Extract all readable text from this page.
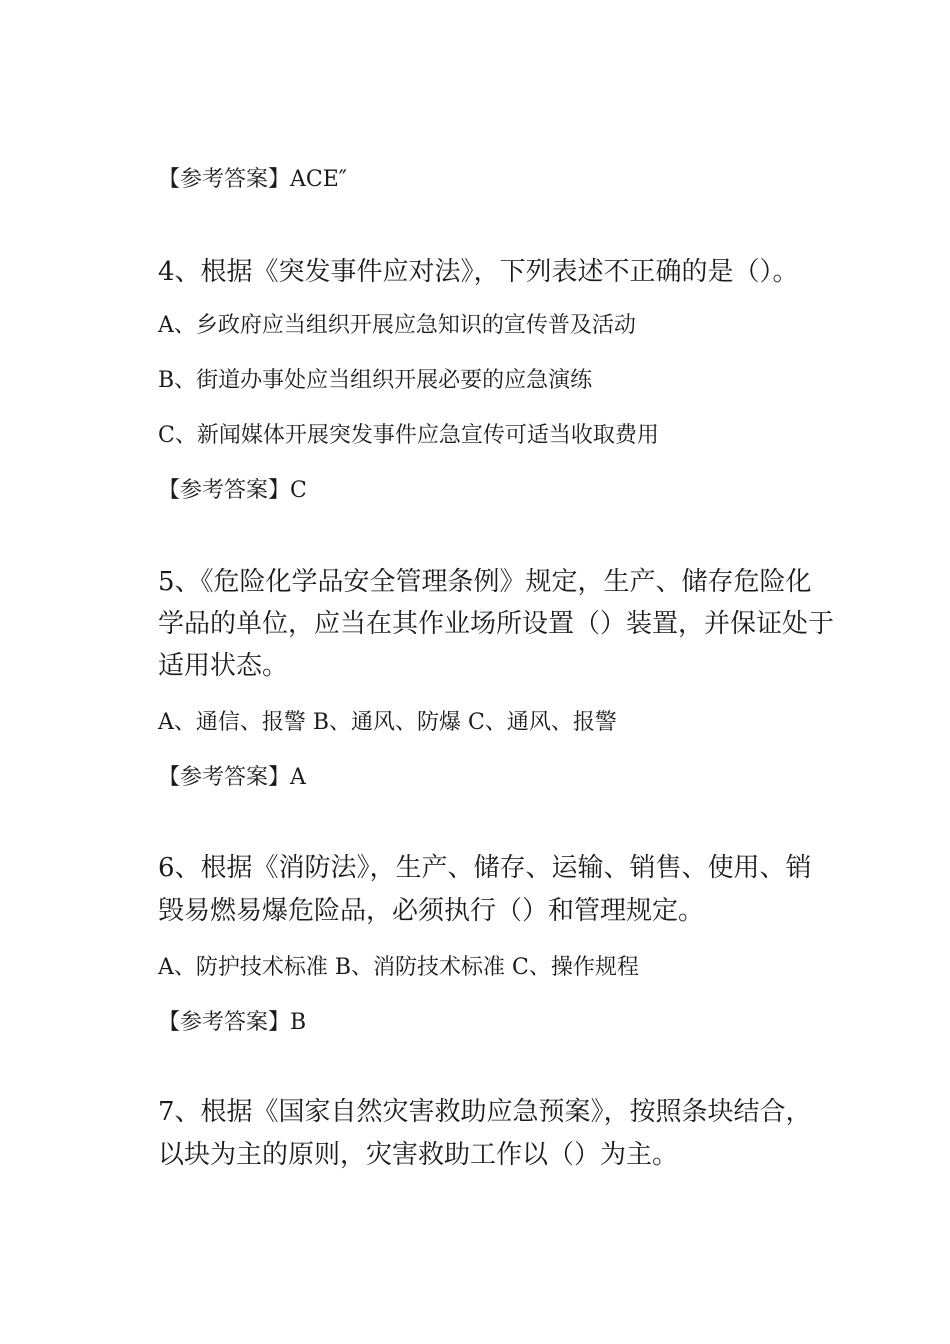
【参考答案】ACE″

4、根据《突发事件应对法》，下列表述不正确的是（）。

A、乡政府应当组织开展应急知识的宣传普及活动

B、街道办事处应当组织开展必要的应急演练

C、新闻媒体开展突发事件应急宣传可适当收取费用

【参考答案】C

5、《危险化学品安全管理条例》规定，生产、储存危险化

学品的单位，应当在其作业场所设置（）装置，并保证处于

适用状态。

A、通信、报警 B、通风、防爆 C、通风、报警

【参考答案】A

6、根据《消防法》，生产、储存、运输、销售、使用、销

毁易燃易爆危险品，必须执行（）和管理规定。

A、防护技术标准 B、消防技术标准 C、操作规程

【参考答案】B

7、根据《国家自然灾害救助应急预案》，按照条块结合，

以块为主的原则，灾害救助工作以（）为主。
